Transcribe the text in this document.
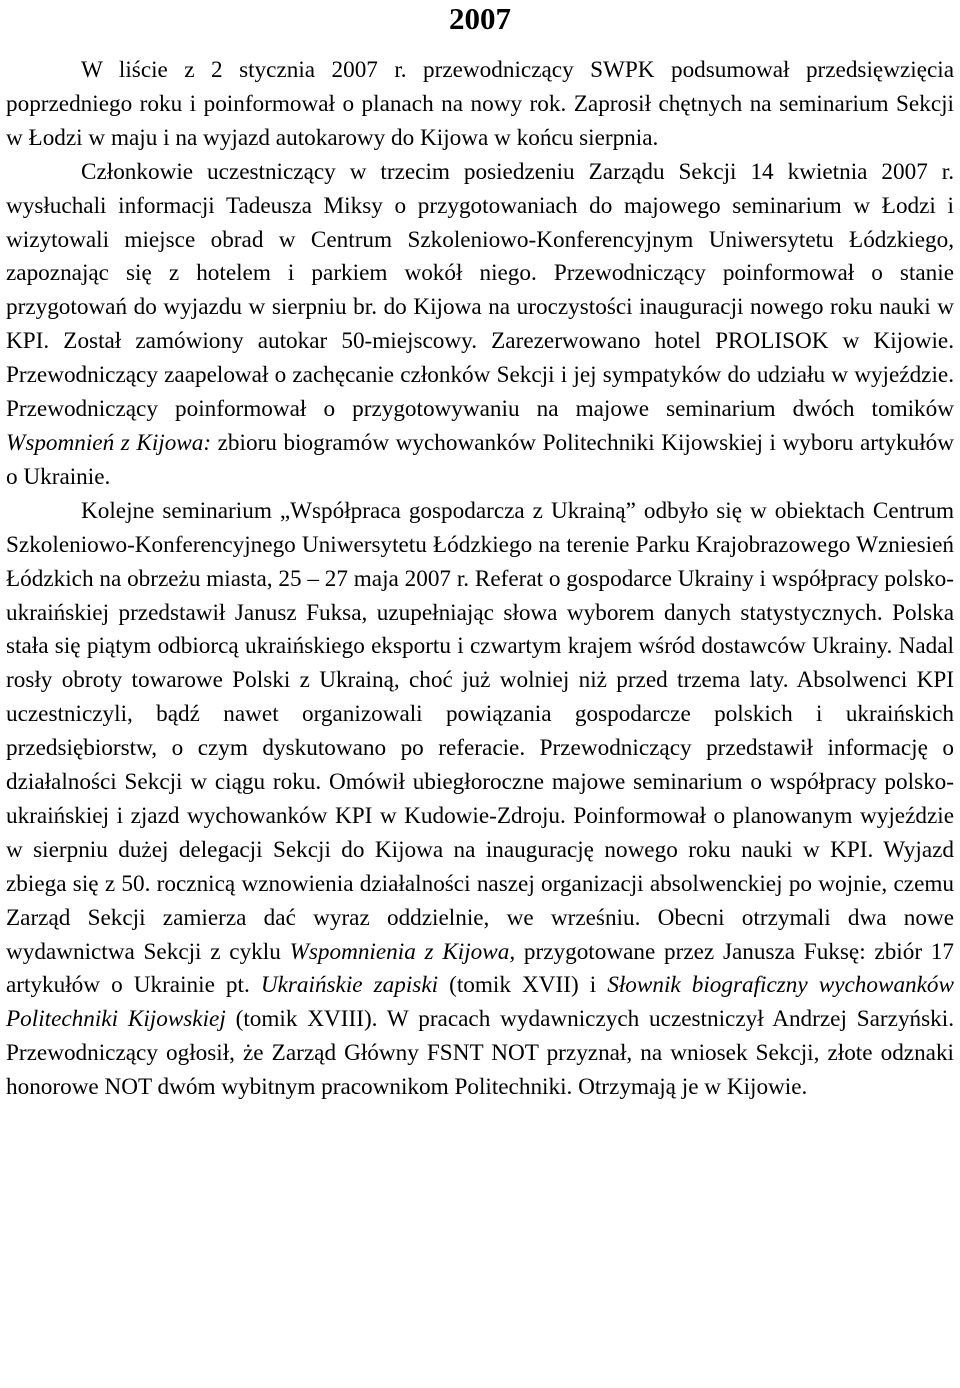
2007

W liście z 2 stycznia 2007 r. przewodniczący SWPK podsumował przedsięwzięcia poprzedniego roku i poinformował o planach na nowy rok. Zaprosił chętnych na seminarium Sekcji w Łodzi w maju i na wyjazd autokarowy do Kijowa w końcu sierpnia.

Członkowie uczestniczący w trzecim posiedzeniu Zarządu Sekcji 14 kwietnia 2007 r. wysłuchali informacji Tadeusza Miksy o przygotowaniach do majowego seminarium w Łodzi i wizytowali miejsce obrad w Centrum Szkoleniowo-Konferencyjnym Uniwersytetu Łódzkiego, zapoznając się z hotelem i parkiem wokół niego. Przewodniczący poinformował o stanie przygotowań do wyjazdu w sierpniu br. do Kijowa na uroczystości inauguracji nowego roku nauki w KPI. Został zamówiony autokar 50-miejscowy. Zarezerwowano hotel PROLISOK w Kijowie. Przewodniczący zaapelował o zachęcanie członków Sekcji i jej sympatyków do udziału w wyjeździe. Przewodniczący poinformował o przygotowywaniu na majowe seminarium dwóch tomików Wspomnień z Kijowa: zbioru biogramów wychowanków Politechniki Kijowskiej i wyboru artykułów o Ukrainie.

Kolejne seminarium „Współpraca gospodarcza z Ukrainą” odbyło się w obiektach Centrum Szkoleniowo-Konferencyjnego Uniwersytetu Łódzkiego na terenie Parku Krajobrazowego Wzniesień Łódzkich na obrzeżu miasta, 25 – 27 maja 2007 r. Referat o gospodarce Ukrainy i współpracy polsko-ukraińskiej przedstawił Janusz Fuksa, uzupełniając słowa wyborem danych statystycznych. Polska stała się piątym odbiorcą ukraińskiego eksportu i czwartym krajem wśród dostawców Ukrainy. Nadal rosły obroty towarowe Polski z Ukrainą, choć już wolniej niż przed trzema laty. Absolwenci KPI uczestniczyli, bądź nawet organizowali powiązania gospodarcze polskich i ukraińskich przedsiębiorstw, o czym dyskutowano po referacie. Przewodniczący przedstawił informację o działalności Sekcji w ciągu roku. Omówił ubiegłoroczne majowe seminarium o współpracy polsko-ukraińskiej i zjazd wychowanków KPI w Kudowie-Zdroju. Poinformował o planowanym wyjeździe w sierpniu dużej delegacji Sekcji do Kijowa na inaugurację nowego roku nauki w KPI. Wyjazd zbiega się z 50. rocznicą wznowienia działalności naszej organizacji absolwenckiej po wojnie, czemu Zarząd Sekcji zamierza dać wyraz oddzielnie, we wrześniu. Obecni otrzymali dwa nowe wydawnictwa Sekcji z cyklu Wspomnienia z Kijowa, przygotowane przez Janusza Fuksę: zbiór 17 artykułów o Ukrainie pt. Ukraińskie zapiski (tomik XVII) i Słownik biograficzny wychowanków Politechniki Kijowskiej (tomik XVIII). W pracach wydawniczych uczestniczył Andrzej Sarzyński. Przewodniczący ogłosił, że Zarząd Główny FSNT NOT przyznał, na wniosek Sekcji, złote odznaki honorowe NOT dwóm wybitnym pracownikom Politechniki. Otrzymają je w Kijowie.
